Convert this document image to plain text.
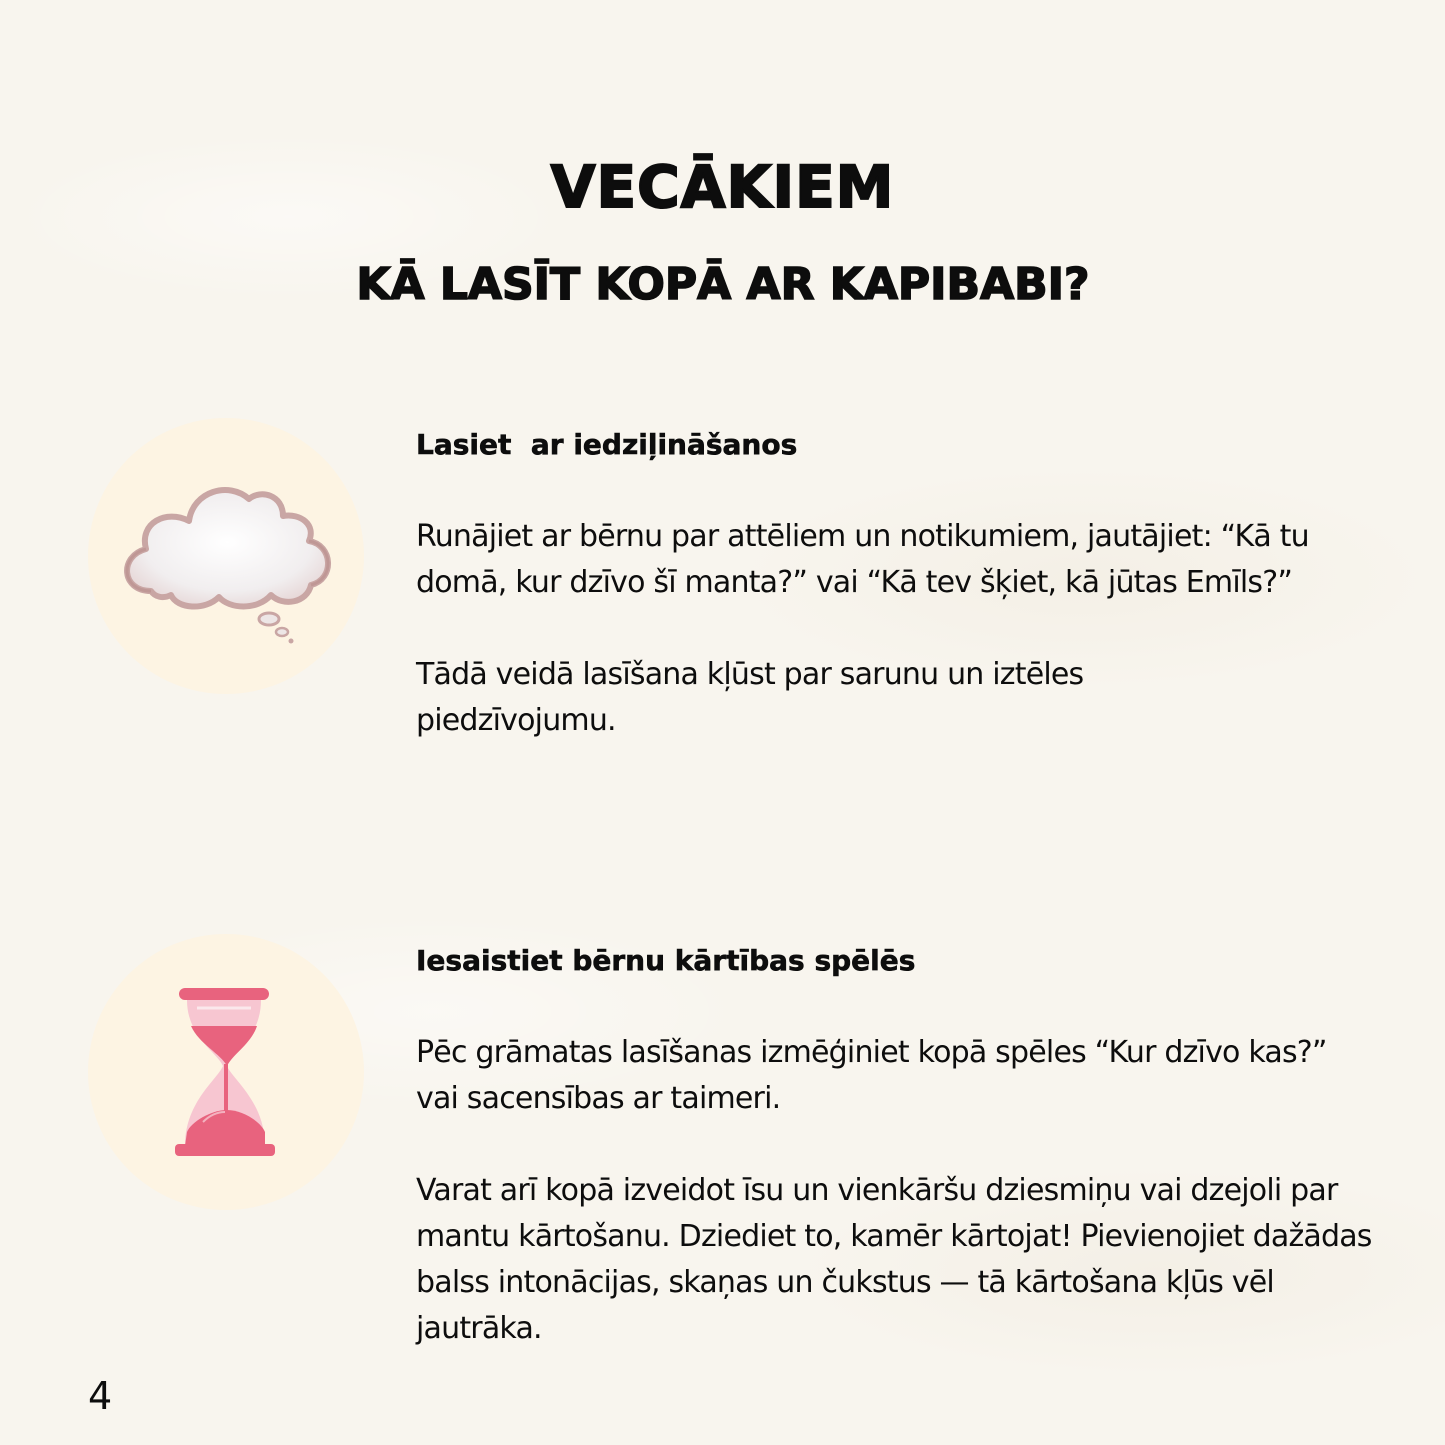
VECĀKIEM
KĀ LASĪT KOPĀ AR KAPIBABI?

Lasiet  ar iedziļināšanos

Runājiet ar bērnu par attēliem un notikumiem, jautājiet: “Kā tu domā, kur dzīvo šī manta?” vai “Kā tev šķiet, kā jūtas Emīls?”

Tādā veidā lasīšana kļūst par sarunu un iztēles piedzīvojumu.

Iesaistiet bērnu kārtības spēlēs

Pēc grāmatas lasīšanas izmēģiniet kopā spēles “Kur dzīvo kas?” vai sacensības ar taimeri.

Varat arī kopā izveidot īsu un vienkāršu dziesmiņu vai dzejoli par mantu kārtošanu. Dziediet to, kamēr kārtojat! Pievienojiet dažādas balss intonācijas, skaņas un čukstus — tā kārtošana kļūs vēl jautrāka.

4
